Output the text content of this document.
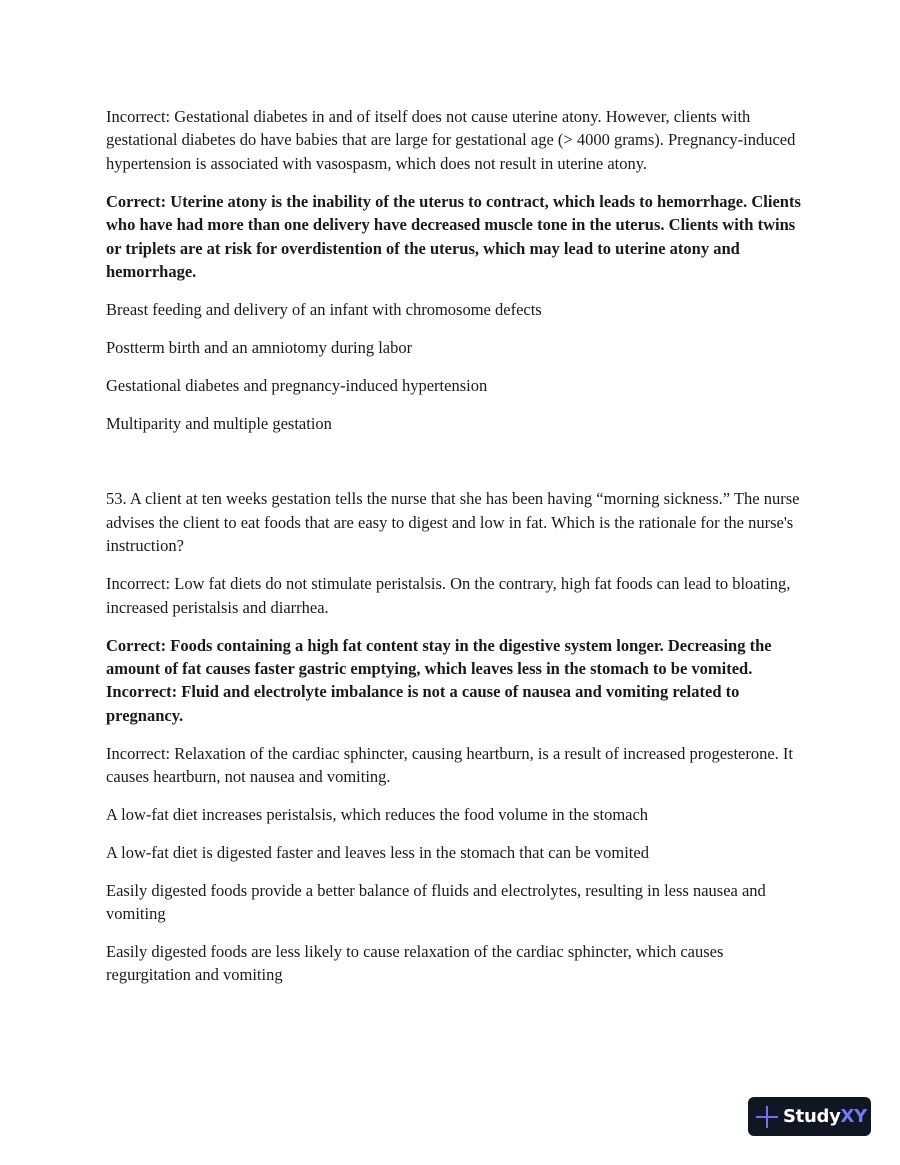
Incorrect: Gestational diabetes in and of itself does not cause uterine atony. However, clients with gestational diabetes do have babies that are large for gestational age (> 4000 grams). Pregnancy-induced hypertension is associated with vasospasm, which does not result in uterine atony.

Correct: Uterine atony is the inability of the uterus to contract, which leads to hemorrhage. Clients who have had more than one delivery have decreased muscle tone in the uterus. Clients with twins or triplets are at risk for overdistention of the uterus, which may lead to uterine atony and hemorrhage.

Breast feeding and delivery of an infant with chromosome defects

Postterm birth and an amniotomy during labor

Gestational diabetes and pregnancy-induced hypertension

Multiparity and multiple gestation

53. A client at ten weeks gestation tells the nurse that she has been having “morning sickness.” The nurse advises the client to eat foods that are easy to digest and low in fat. Which is the rationale for the nurse's instruction?

Incorrect: Low fat diets do not stimulate peristalsis. On the contrary, high fat foods can lead to bloating, increased peristalsis and diarrhea.

Correct: Foods containing a high fat content stay in the digestive system longer. Decreasing the amount of fat causes faster gastric emptying, which leaves less in the stomach to be vomited. Incorrect: Fluid and electrolyte imbalance is not a cause of nausea and vomiting related to pregnancy.

Incorrect: Relaxation of the cardiac sphincter, causing heartburn, is a result of increased progesterone. It causes heartburn, not nausea and vomiting.

A low-fat diet increases peristalsis, which reduces the food volume in the stomach

A low-fat diet is digested faster and leaves less in the stomach that can be vomited

Easily digested foods provide a better balance of fluids and electrolytes, resulting in less nausea and vomiting

Easily digested foods are less likely to cause relaxation of the cardiac sphincter, which causes regurgitation and vomiting

StudyXY
